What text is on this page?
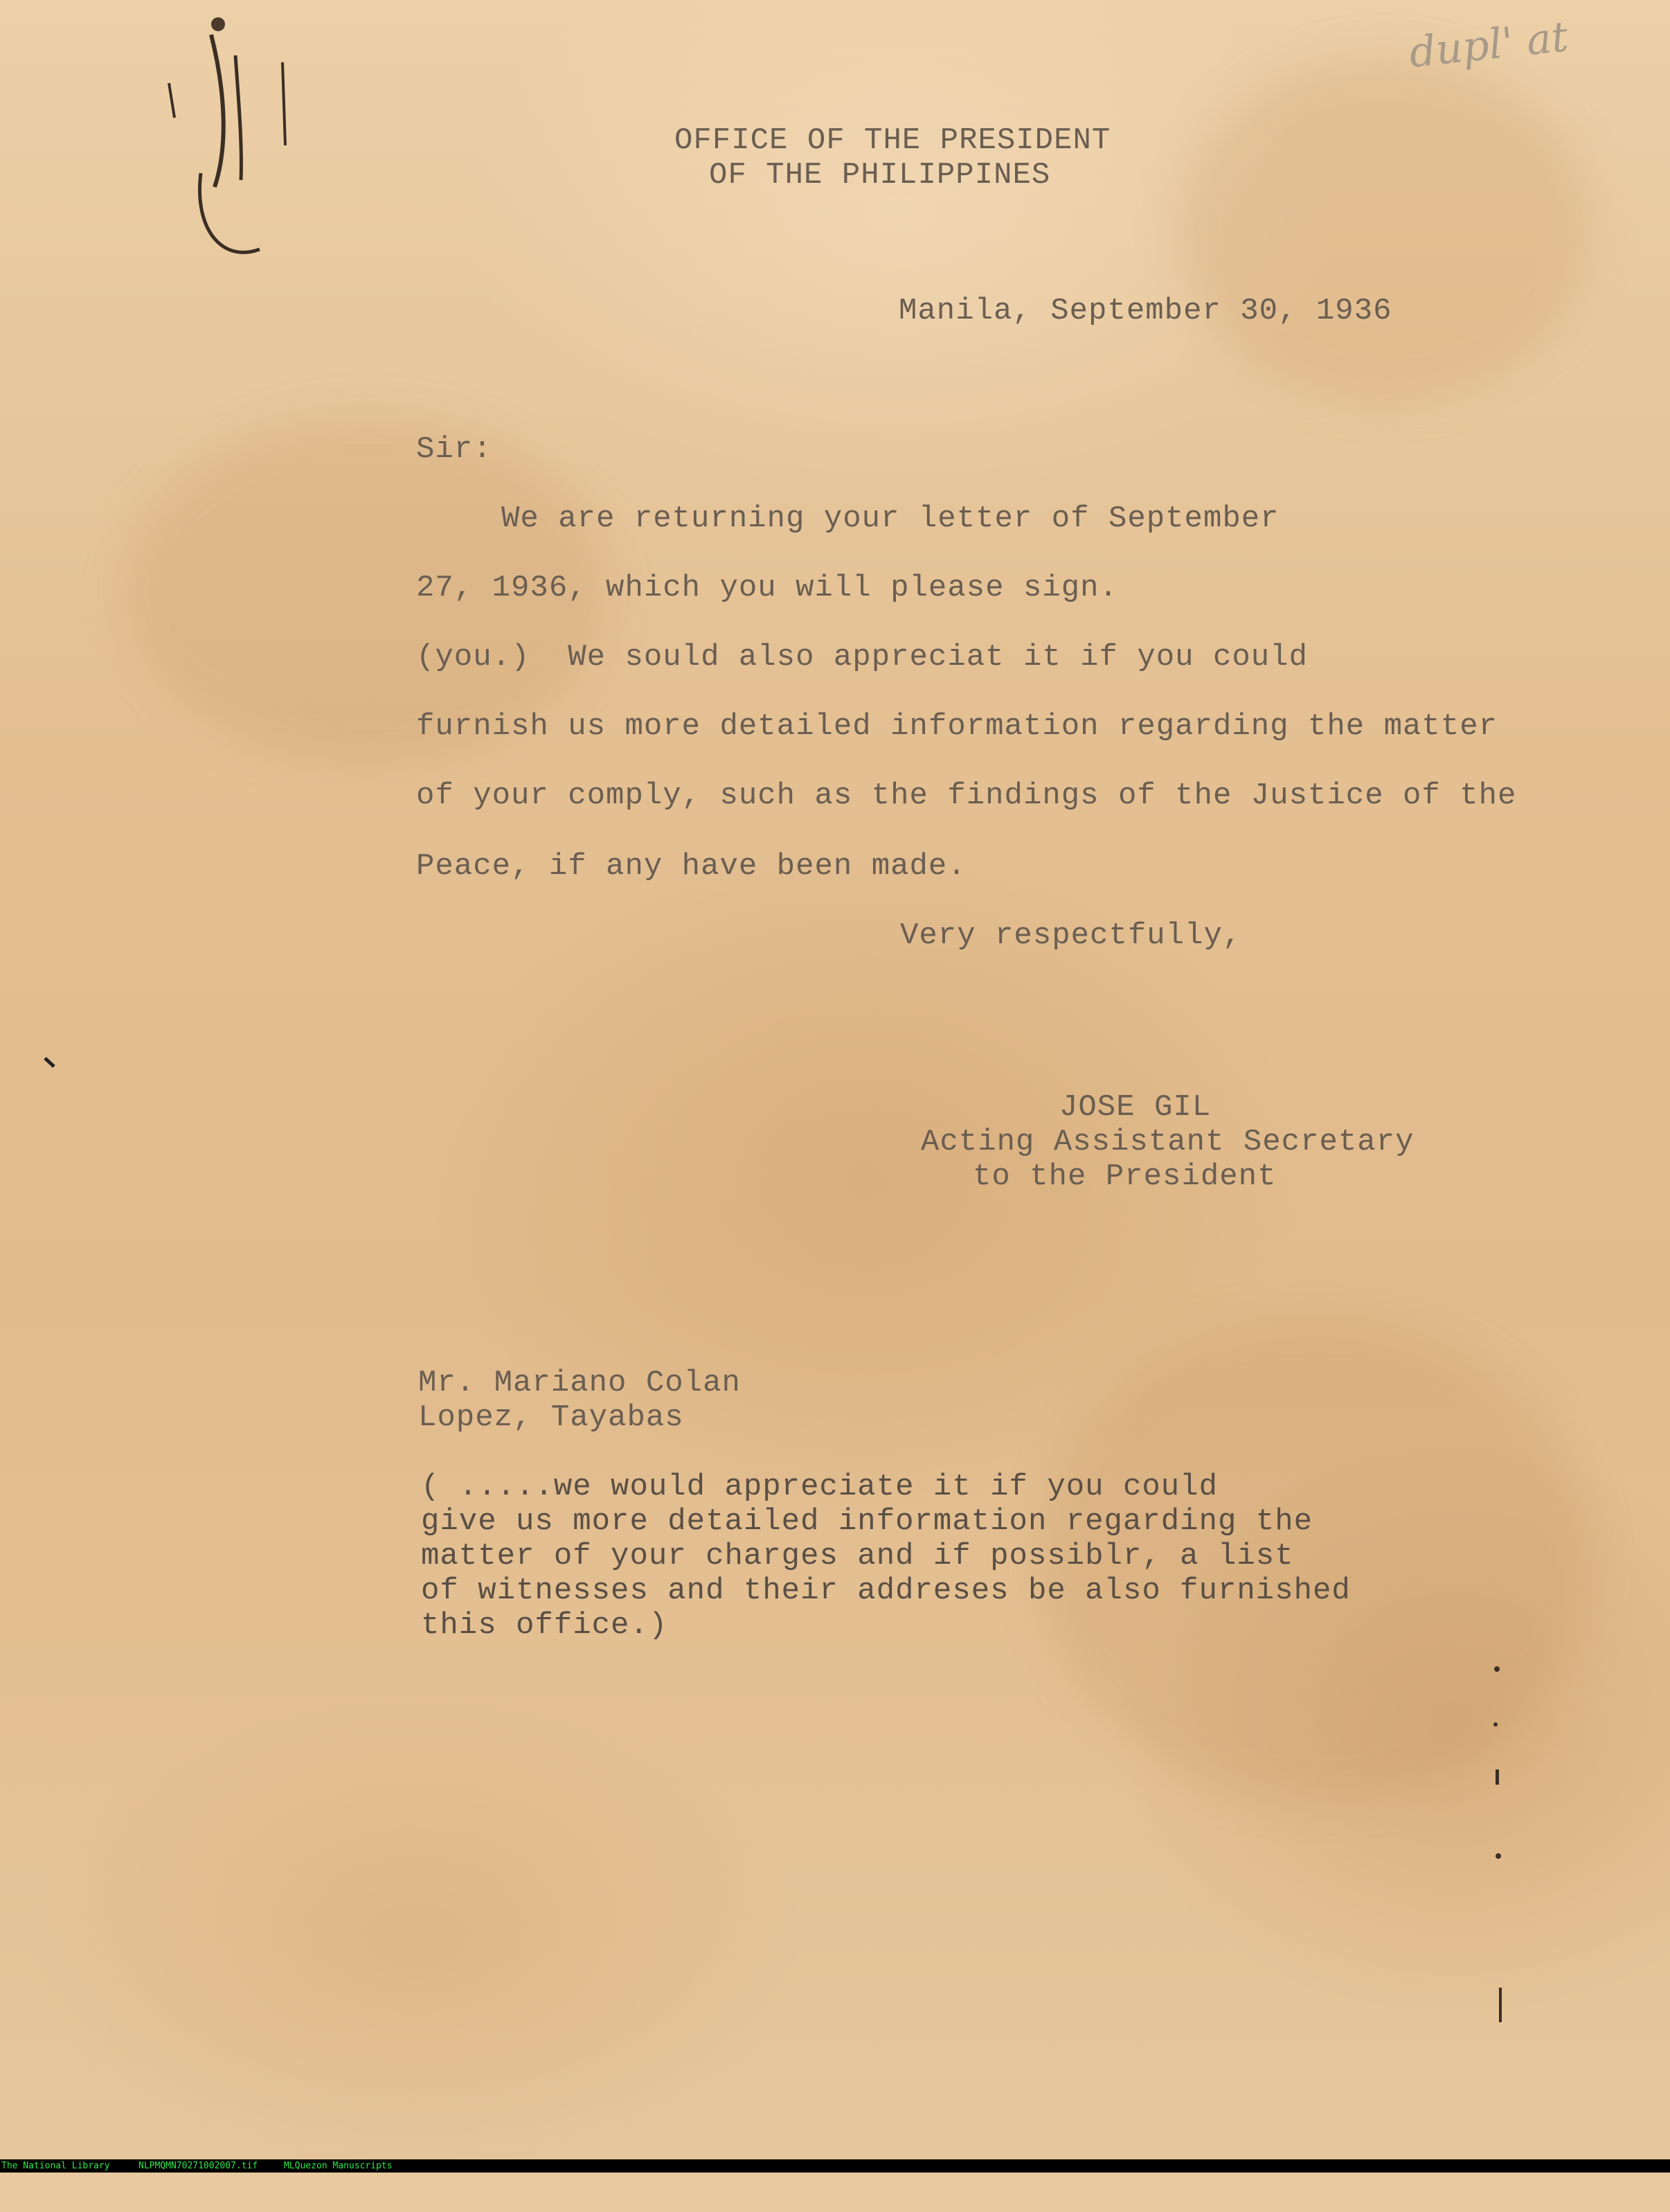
dupl' at
OFFICE OF THE PRESIDENT
OF THE PHILIPPINES
Manila, September 30, 1936
Sir:
We are returning your letter of September
27, 1936, which you will please sign.
(you.)  We sould also appreciat it if you could
furnish us more detailed information regarding the matter
of your comply, such as the findings of the Justice of the
Peace, if any have been made.
Very respectfully,
JOSE GIL
Acting Assistant Secretary
to the President
Mr. Mariano Colan
Lopez, Tayabas
( .....we would appreciate it if you could
give us more detailed information regarding the
matter of your charges and if possiblr, a list
of witnesses and their addreses be also furnished
this office.)

The National Library

	NLPMQMN70271002007.tif

	MLQuezon Manuscripts
